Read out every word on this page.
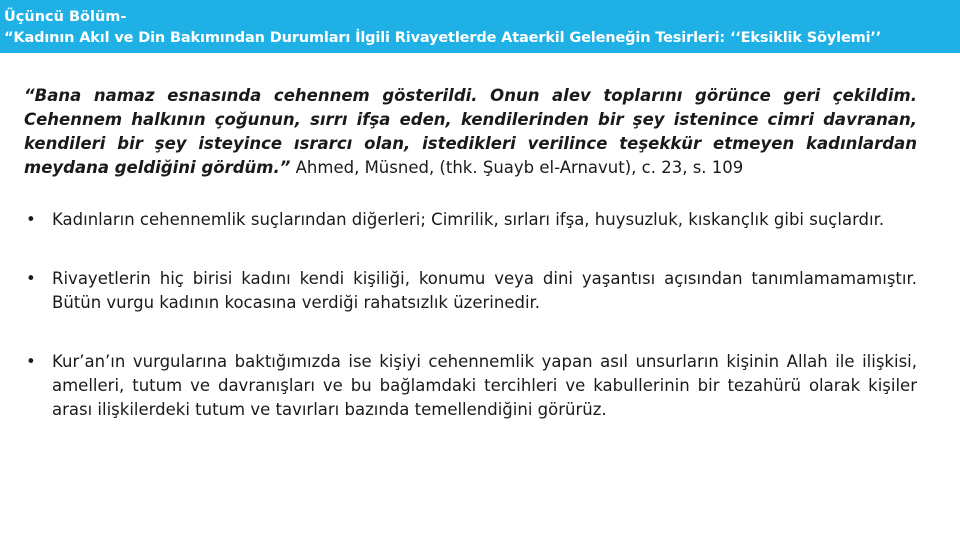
Üçüncü Bölüm-
“Kadının Akıl ve Din Bakımından Durumları İlgili Rivayetlerde Ataerkil Geleneğin Tesirleri: ‘‘Eksiklik Söylemi’’
“Bana namaz esnasında cehennem gösterildi. Onun alev toplarını görünce geri çekildim. Cehennem halkının çoğunun, sırrı ifşa eden, kendilerinden bir şey istenince cimri davranan, kendileri bir şey isteyince ısrarcı olan, istedikleri verilince teşekkür etmeyen kadınlardan meydana geldiğini gördüm.” Ahmed, Müsned, (thk. Şuayb el-Arnavut), c. 23, s. 109
• Kadınların cehennemlik suçlarından diğerleri; Cimrilik, sırları ifşa, huysuzluk, kıskançlık gibi suçlardır.
• Rivayetlerin hiç birisi kadını kendi kişiliği, konumu veya dini yaşantısı açısından tanımlamamamıştır. Bütün vurgu kadının kocasına verdiği rahatsızlık üzerinedir.
• Kur’an’ın vurgularına baktığımızda ise kişiyi cehennemlik yapan asıl unsurların kişinin Allah ile ilişkisi, amelleri, tutum ve davranışları ve bu bağlamdaki tercihleri ve kabullerinin bir tezahürü olarak kişiler arası ilişkilerdeki tutum ve tavırları bazında temellendiğini görürüz.
